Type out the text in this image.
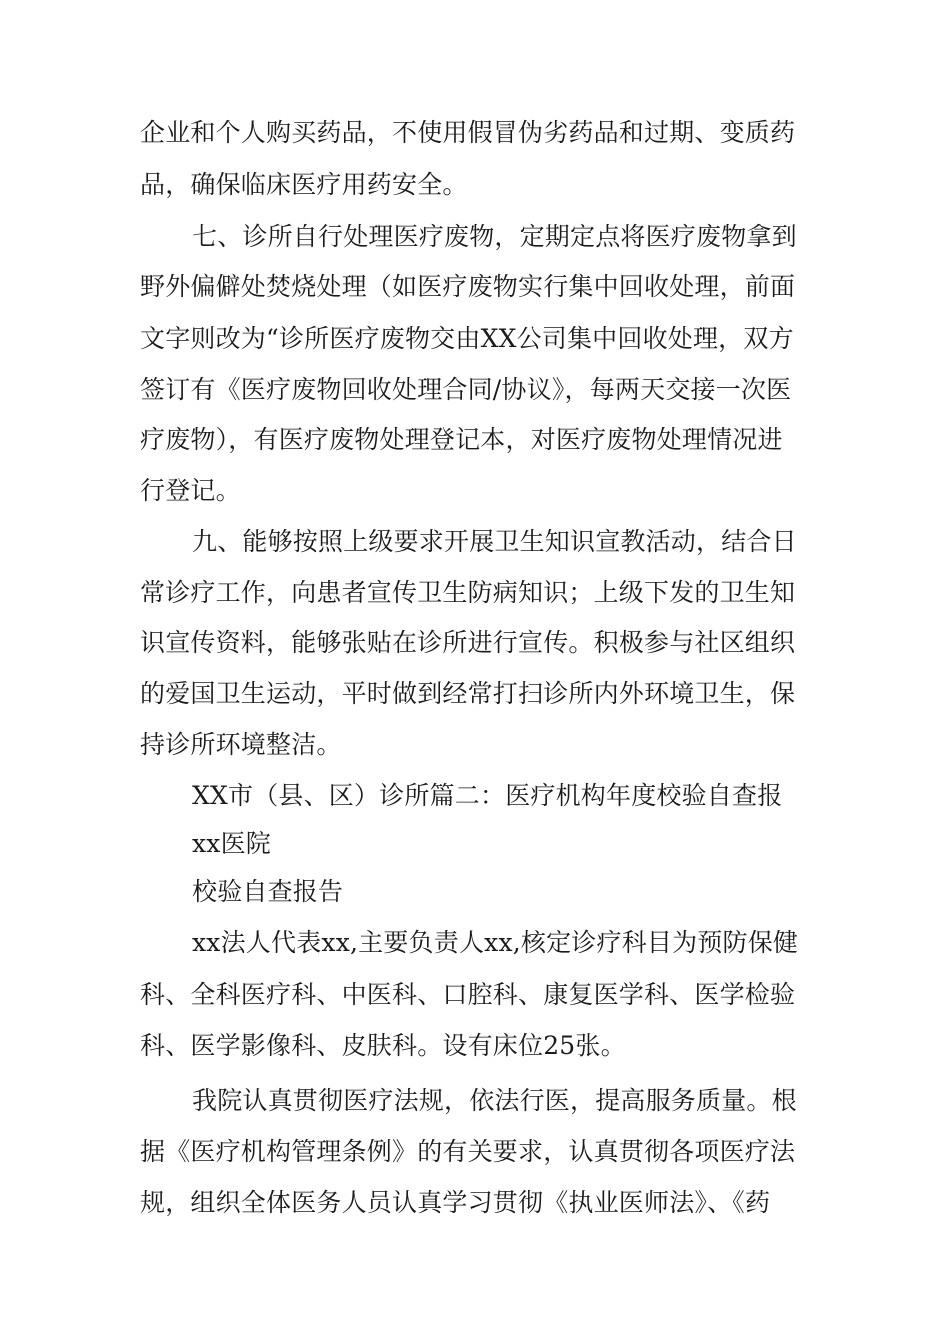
企业和个人购买药品，不使用假冒伪劣药品和过期、变质药
品，确保临床医疗用药安全。
七、诊所自行处理医疗废物，定期定点将医疗废物拿到
野外偏僻处焚烧处理（如医疗废物实行集中回收处理，前面
文字则改为“诊所医疗废物交由XX公司集中回收处理，双方
签订有《医疗废物回收处理合同/协议》，每两天交接一次医
疗废物），有医疗废物处理登记本，对医疗废物处理情况进
行登记。
九、能够按照上级要求开展卫生知识宣教活动，结合日
常诊疗工作，向患者宣传卫生防病知识；上级下发的卫生知
识宣传资料，能够张贴在诊所进行宣传。积极参与社区组织
的爱国卫生运动，平时做到经常打扫诊所内外环境卫生，保
持诊所环境整洁。
XX市（县、区）诊所篇二：医疗机构年度校验自查报
xx医院
校验自查报告
xx法人代表xx,主要负责人xx,核定诊疗科目为预防保健
科、全科医疗科、中医科、口腔科、康复医学科、医学检验
科、医学影像科、皮肤科。设有床位25张。
我院认真贯彻医疗法规，依法行医，提高服务质量。根
据《医疗机构管理条例》的有关要求，认真贯彻各项医疗法
规，组织全体医务人员认真学习贯彻《执业医师法》、《药
